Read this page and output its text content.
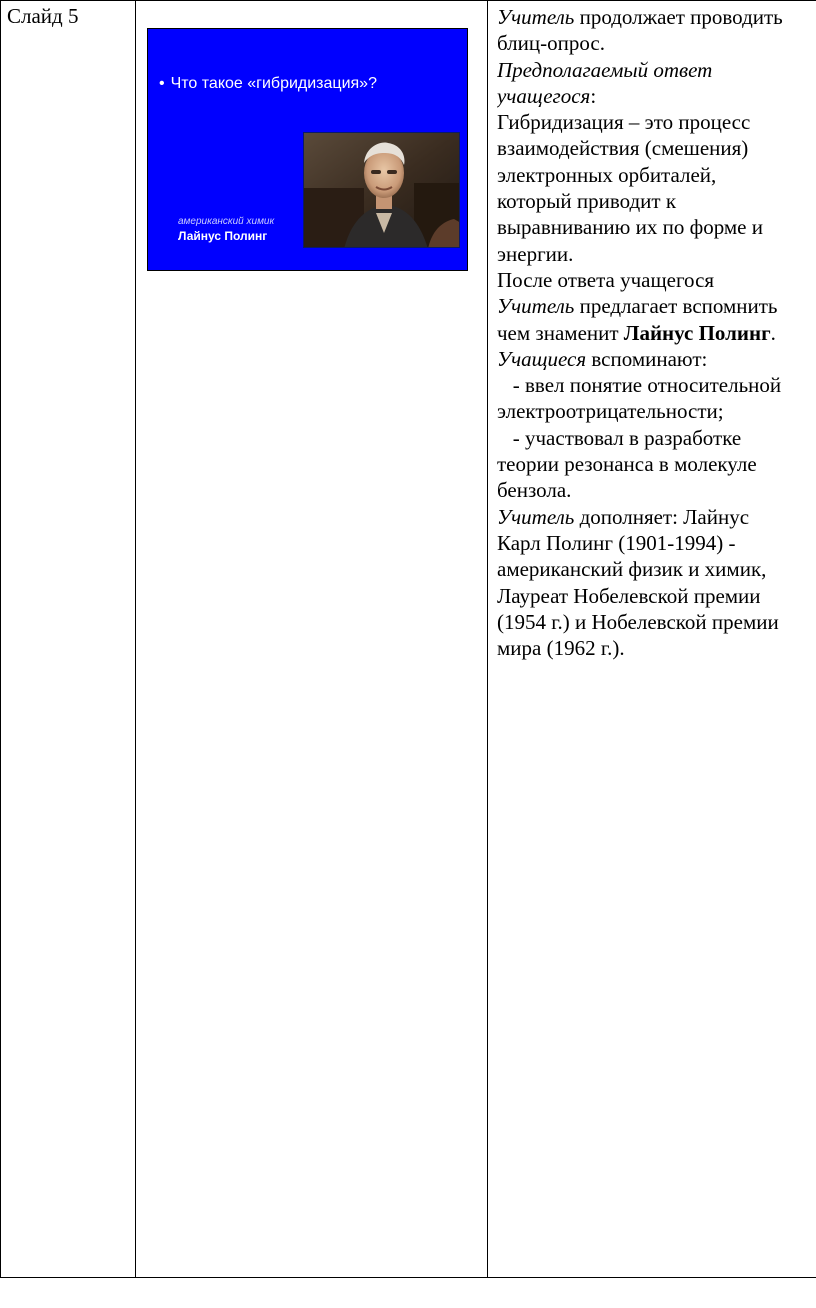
Слайд 5
• Что такое «гибридизация»?
американский химик
Лайнус Полинг
Учитель продолжает проводить
блиц-опрос.
Предполагаемый ответ
учащегося:
Гибридизация – это процесс
взаимодействия (смешения)
электронных орбиталей,
который приводит к
выравниванию их по форме и
энергии.
После ответа учащегося
Учитель предлагает вспомнить
чем знаменит Лайнус Полинг.
Учащиеся вспоминают:
- ввел понятие относительной
электроотрицательности;
- участвовал в разработке
теории резонанса в молекуле
бензола.
Учитель дополняет: Лайнус
Карл Полинг (1901-1994) -
американский физик и химик,
Лауреат Нобелевской премии
(1954 г.) и Нобелевской премии
мира (1962 г.).
